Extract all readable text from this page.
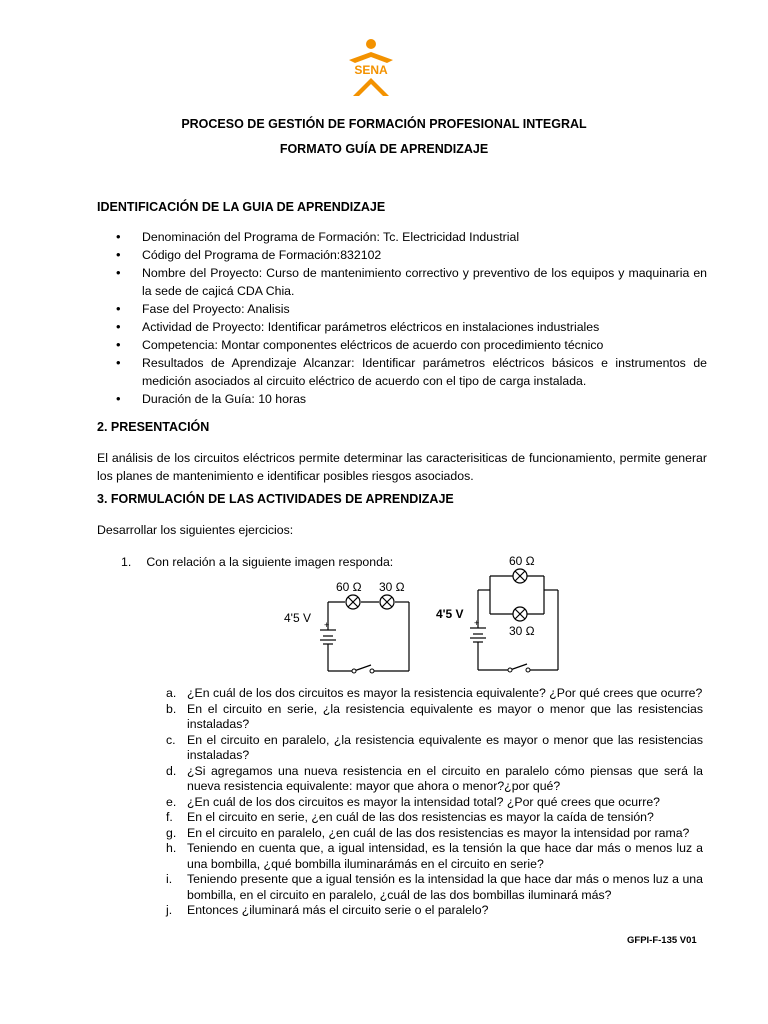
SENA
PROCESO DE GESTIÓN DE FORMACIÓN PROFESIONAL INTEGRAL
FORMATO GUÍA DE APRENDIZAJE
IDENTIFICACIÓN DE LA GUIA DE APRENDIZAJE
• Denominación del Programa de Formación: Tc. Electricidad Industrial
• Código del Programa de Formación:832102
• Nombre del Proyecto: Curso de mantenimiento correctivo y preventivo de los equipos y maquinaria en la sede de cajicá CDA Chia.
• Fase del Proyecto: Analisis
• Actividad de Proyecto: Identificar parámetros eléctricos en instalaciones industriales
• Competencia: Montar componentes eléctricos de acuerdo con procedimiento técnico
• Resultados de Aprendizaje Alcanzar: Identificar parámetros eléctricos básicos e instrumentos de medición asociados al circuito eléctrico de acuerdo con el tipo de carga instalada.
• Duración de la Guía: 10 horas
2. PRESENTACIÓN
El análisis de los circuitos eléctricos permite determinar las caracterisiticas de funcionamiento, permite generar los planes de mantenimiento e identificar posibles riesgos asociados.
3. FORMULACIÓN DE LAS ACTIVIDADES DE APRENDIZAJE
Desarrollar los siguientes ejercicios:
1. Con relación a la siguiente imagen responda:
60 Ω 30 Ω
4'5 V +
60 Ω
30 Ω
4'5 V
+
a. ¿En cuál de los dos circuitos es mayor la resistencia equivalente? ¿Por qué crees que ocurre?
b. En el circuito en serie, ¿la resistencia equivalente es mayor o menor que las resistencias instaladas?
c. En el circuito en paralelo, ¿la resistencia equivalente es mayor o menor que las resistencias instaladas?
d. ¿Si agregamos una nueva resistencia en el circuito en paralelo cómo piensas que será la nueva resistencia equivalente: mayor que ahora o menor?¿por qué?
e. ¿En cuál de los dos circuitos es mayor la intensidad total? ¿Por qué crees que ocurre?
f. En el circuito en serie, ¿en cuál de las dos resistencias es mayor la caída de tensión?
g. En el circuito en paralelo, ¿en cuál de las dos resistencias es mayor la intensidad por rama?
h. Teniendo en cuenta que, a igual intensidad, es la tensión la que hace dar más o menos luz a una bombilla, ¿qué bombilla iluminarámás en el circuito en serie?
i. Teniendo presente que a igual tensión es la intensidad la que hace dar más o menos luz a una bombilla, en el circuito en paralelo, ¿cuál de las dos bombillas iluminará más?
j. Entonces ¿iluminará más el circuito serie o el paralelo?
GFPI-F-135 V01
